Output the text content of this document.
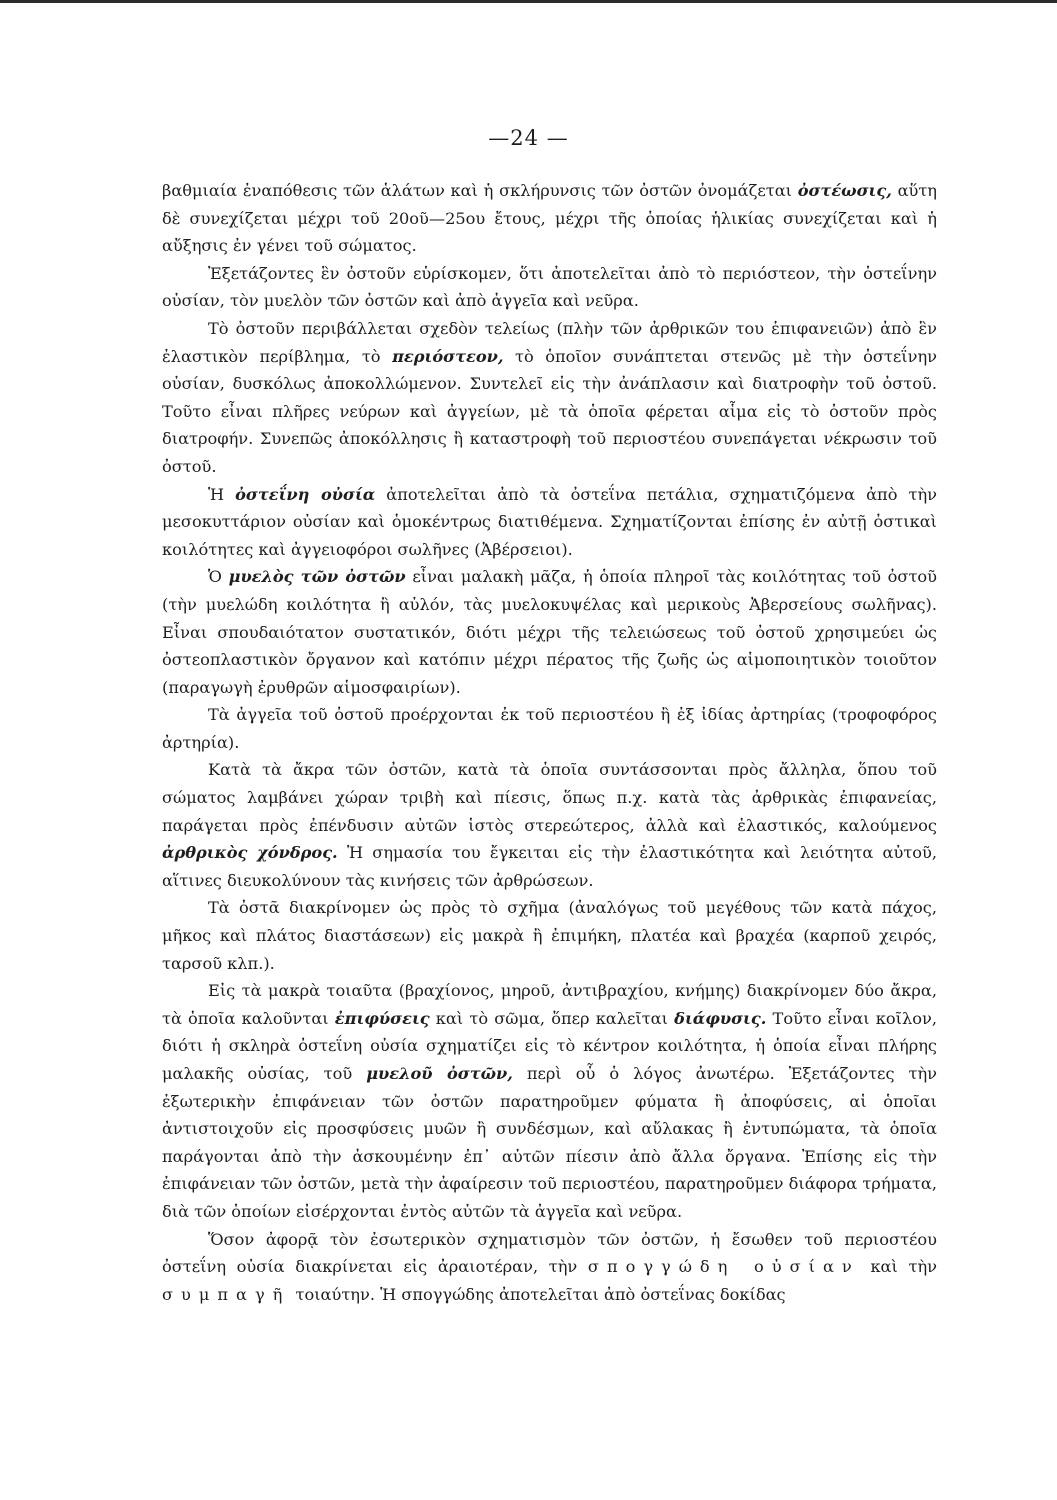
—24 —

βαθμιαία ἐναπόθεσις τῶν ἁλάτων καὶ ἡ σκλήρυνσις τῶν ὀστῶν ὀνομάζεται ὀστέωσις, αὕτη δὲ συνεχίζεται μέχρι τοῦ 20οῦ—25ου ἔτους, μέχρι τῆς ὁποίας ἡλικίας συνεχίζεται καὶ ἡ αὔξησις ἐν γένει τοῦ σώματος.

Ἐξετάζοντες ἓν ὀστοῦν εὑρίσκομεν, ὅτι ἀποτελεῖται ἀπὸ τὸ περιόστεον, τὴν ὀστεΐνην οὐσίαν, τὸν μυελὸν τῶν ὀστῶν καὶ ἀπὸ ἀγγεῖα καὶ νεῦρα.

Τὸ ὀστοῦν περιβάλλεται σχεδὸν τελείως (πλὴν τῶν ἀρθρικῶν του ἐπιφανειῶν) ἀπὸ ἓν ἐλαστικὸν περίβλημα, τὸ περιόστεον, τὸ ὁποῖον συνάπτεται στενῶς μὲ τὴν ὀστεΐνην οὐσίαν, δυσκόλως ἀποκολλώμενον. Συντελεῖ εἰς τὴν ἀνάπλασιν καὶ διατροφὴν τοῦ ὀστοῦ. Τοῦτο εἶναι πλῆρες νεύρων καὶ ἀγγείων, μὲ τὰ ὁποῖα φέρεται αἷμα εἰς τὸ ὀστοῦν πρὸς διατροφήν. Συνεπῶς ἀποκόλλησις ἢ καταστροφὴ τοῦ περιοστέου συνεπάγεται νέκρωσιν τοῦ ὀστοῦ.

Ἡ ὀστεΐνη οὐσία ἀποτελεῖται ἀπὸ τὰ ὀστεΐνα πετάλια, σχηματιζόμενα ἀπὸ τὴν μεσοκυττάριον οὐσίαν καὶ ὁμοκέντρως διατιθέμενα. Σχηματίζονται ἐπίσης ἐν αὐτῇ ὀστικαὶ κοιλότητες καὶ ἀγγειοφόροι σωλῆνες (Ἀβέρσειοι).

Ὁ μυελὸς τῶν ὀστῶν εἶναι μαλακὴ μᾶζα, ἡ ὁποία πληροῖ τὰς κοιλότητας τοῦ ὀστοῦ (τὴν μυελώδη κοιλότητα ἢ αὐλόν, τὰς μυελοκυψέλας καὶ μερικοὺς Ἀβερσείους σωλῆνας). Εἶναι σπουδαιότατον συστατικόν, διότι μέχρι τῆς τελειώσεως τοῦ ὀστοῦ χρησιμεύει ὡς ὀστεοπλαστικὸν ὄργανον καὶ κατόπιν μέχρι πέρατος τῆς ζωῆς ὡς αἱμοποιητικὸν τοιοῦτον (παραγωγὴ ἐρυθρῶν αἱμοσφαιρίων).

Τὰ ἀγγεῖα τοῦ ὀστοῦ προέρχονται ἐκ τοῦ περιοστέου ἢ ἐξ ἰδίας ἀρτηρίας (τροφοφόρος ἀρτηρία).

Κατὰ τὰ ἄκρα τῶν ὀστῶν, κατὰ τὰ ὁποῖα συντάσσονται πρὸς ἄλληλα, ὅπου τοῦ σώματος λαμβάνει χώραν τριβὴ καὶ πίεσις, ὅπως π.χ. κατὰ τὰς ἀρθρικὰς ἐπιφανείας, παράγεται πρὸς ἐπένδυσιν αὐτῶν ἱστὸς στερεώτερος, ἀλλὰ καὶ ἐλαστικός, καλούμενος ἀρθρικὸς χόνδρος. Ἡ σημασία του ἔγκειται εἰς τὴν ἐλαστικότητα καὶ λειότητα αὐτοῦ, αἵτινες διευκολύνουν τὰς κινήσεις τῶν ἀρθρώσεων.

Τὰ ὀστᾶ διακρίνομεν ὡς πρὸς τὸ σχῆμα (ἀναλόγως τοῦ μεγέθους τῶν κατὰ πάχος, μῆκος καὶ πλάτος διαστάσεων) εἰς μακρὰ ἢ ἐπιμήκη, πλατέα καὶ βραχέα (καρποῦ χειρός, ταρσοῦ κλπ.).

Εἰς τὰ μακρὰ τοιαῦτα (βραχίονος, μηροῦ, ἀντιβραχίου, κνήμης) διακρίνομεν δύο ἄκρα, τὰ ὁποῖα καλοῦνται ἐπιφύσεις καὶ τὸ σῶμα, ὅπερ καλεῖται διάφυσις. Τοῦτο εἶναι κοῖλον, διότι ἡ σκληρὰ ὀστεΐνη οὐσία σχηματίζει εἰς τὸ κέντρον κοιλότητα, ἡ ὁποία εἶναι πλήρης μαλακῆς οὐσίας, τοῦ μυελοῦ ὀστῶν, περὶ οὗ ὁ λόγος ἀνωτέρω. Ἐξετάζοντες τὴν ἐξωτερικὴν ἐπιφάνειαν τῶν ὀστῶν παρατηροῦμεν φύματα ἢ ἀποφύσεις, αἱ ὁποῖαι ἀντιστοιχοῦν εἰς προσφύσεις μυῶν ἢ συνδέσμων, καὶ αὔλακας ἢ ἐντυπώματα, τὰ ὁποῖα παράγονται ἀπὸ τὴν ἀσκουμένην ἐπ᾽ αὐτῶν πίεσιν ἀπὸ ἄλλα ὄργανα. Ἐπίσης εἰς τὴν ἐπιφάνειαν τῶν ὀστῶν, μετὰ τὴν ἀφαίρεσιν τοῦ περιοστέου, παρατηροῦμεν διάφορα τρήματα, διὰ τῶν ὁποίων εἰσέρχονται ἐντὸς αὐτῶν τὰ ἀγγεῖα καὶ νεῦρα.

Ὅσον ἀφορᾷ τὸν ἐσωτερικὸν σχηματισμὸν τῶν ὀστῶν, ἡ ἔσωθεν τοῦ περιοστέου ὀστεΐνη οὐσία διακρίνεται εἰς ἀραιοτέραν, τὴν σπογγώδη οὐσίαν καὶ τὴν συμπαγῆ τοιαύτην. Ἡ σπογγώδης ἀποτελεῖται ἀπὸ ὀστεΐνας δοκίδας
